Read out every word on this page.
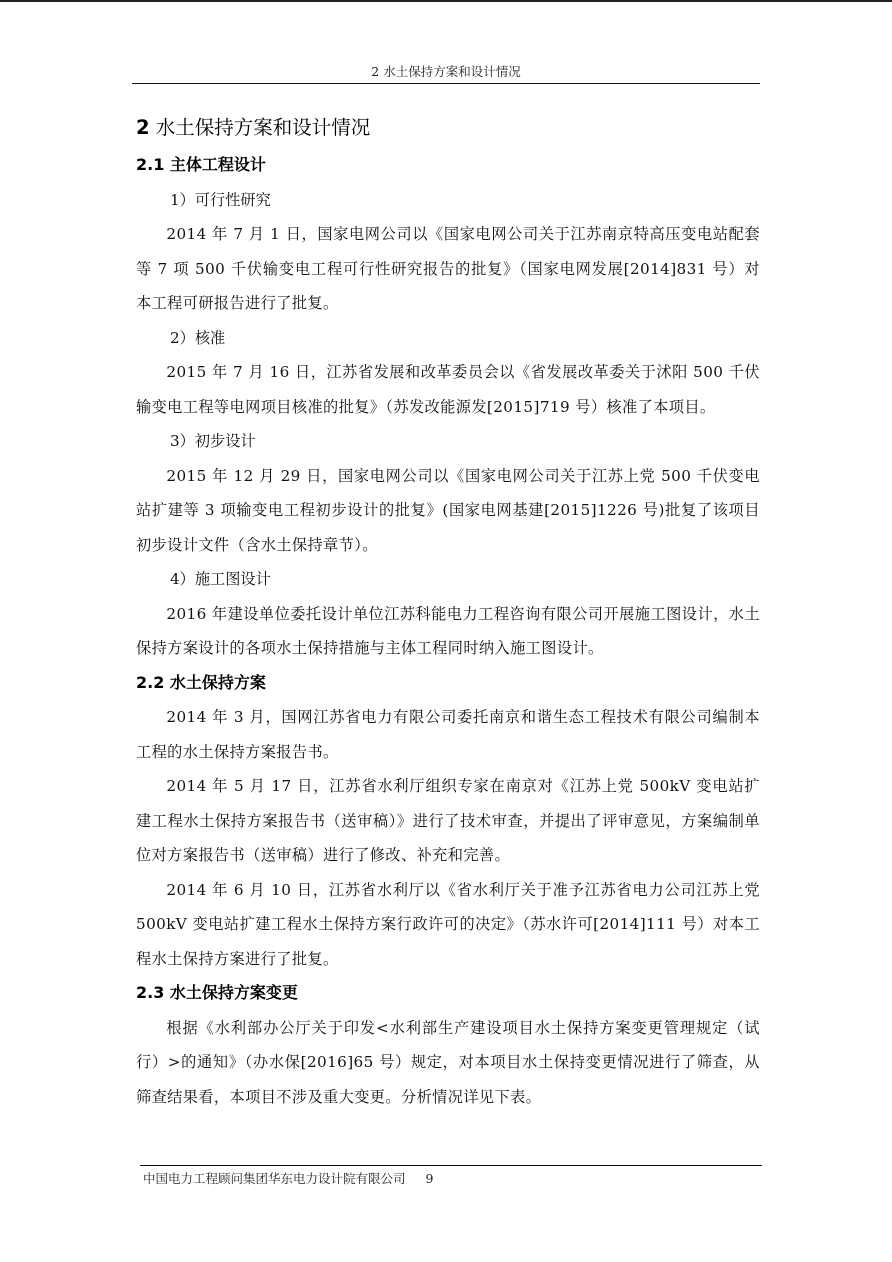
2 水土保持方案和设计情况
2 水土保持方案和设计情况
2.1 主体工程设计
1）可行性研究

2014 年 7 月 1 日，国家电网公司以《国家电网公司关于江苏南京特高压变电站配套等 7 项 500 千伏输变电工程可行性研究报告的批复》（国家电网发展[2014]831 号）对本工程可研报告进行了批复。

2）核准

2015 年 7 月 16 日，江苏省发展和改革委员会以《省发展改革委关于沭阳 500 千伏输变电工程等电网项目核准的批复》（苏发改能源发[2015]719 号）核准了本项目。

3）初步设计

2015 年 12 月 29 日，国家电网公司以《国家电网公司关于江苏上党 500 千伏变电站扩建等 3 项输变电工程初步设计的批复》(国家电网基建[2015]1226 号)批复了该项目初步设计文件（含水土保持章节）。

4）施工图设计

2016 年建设单位委托设计单位江苏科能电力工程咨询有限公司开展施工图设计，水土保持方案设计的各项水土保持措施与主体工程同时纳入施工图设计。

2.2 水土保持方案

2014 年 3 月，国网江苏省电力有限公司委托南京和谐生态工程技术有限公司编制本工程的水土保持方案报告书。

2014 年 5 月 17 日，江苏省水利厅组织专家在南京对《江苏上党 500kV 变电站扩建工程水土保持方案报告书（送审稿）》进行了技术审查，并提出了评审意见，方案编制单位对方案报告书（送审稿）进行了修改、补充和完善。

2014 年 6 月 10 日，江苏省水利厅以《省水利厅关于准予江苏省电力公司江苏上党 500kV 变电站扩建工程水土保持方案行政许可的决定》（苏水许可[2014]111 号）对本工程水土保持方案进行了批复。

2.3 水土保持方案变更

根据《水利部办公厅关于印发<水利部生产建设项目水土保持方案变更管理规定（试行）>的通知》（办水保[2016]65 号）规定，对本项目水土保持变更情况进行了筛查，从筛查结果看，本项目不涉及重大变更。分析情况详见下表。

中国电力工程顾问集团华东电力设计院有限公司 9
